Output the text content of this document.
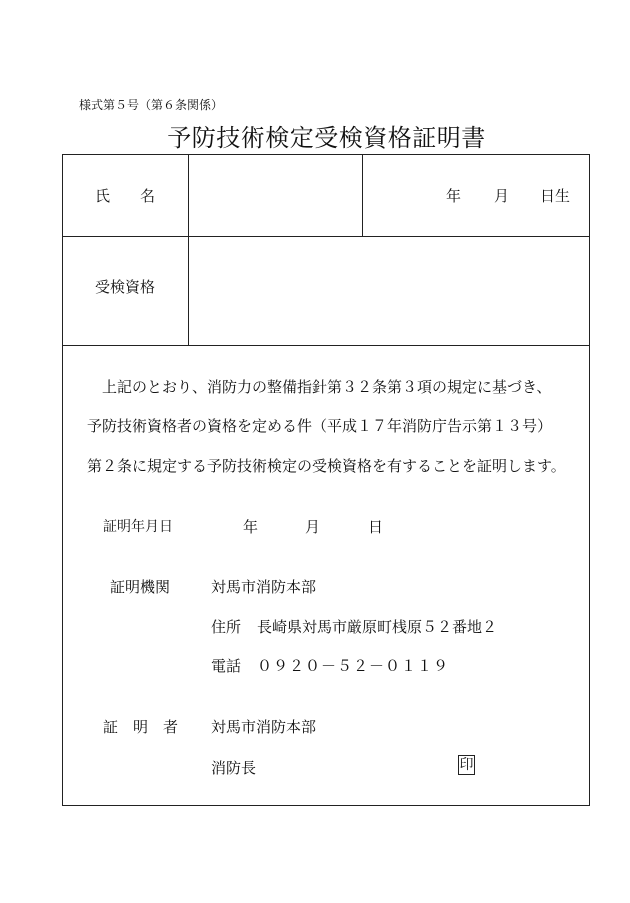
様式第５号（第６条関係）
予防技術検定受検資格証明書
氏　　名	年 月 日生
受検資格
上記のとおり、消防力の整備指針第３２条第３項の規定に基づき、
予防技術資格者の資格を定める件（平成１７年消防庁告示第１３号）
第２条に規定する予防技術検定の受検資格を有することを証明します。
証明年月日	年	月	日
証明機関	対馬市消防本部
住所 長崎県対馬市厳原町桟原５２番地２
電話 ０９２０－５２－０１１９
証　明　者 対馬市消防本部
消防長	印
